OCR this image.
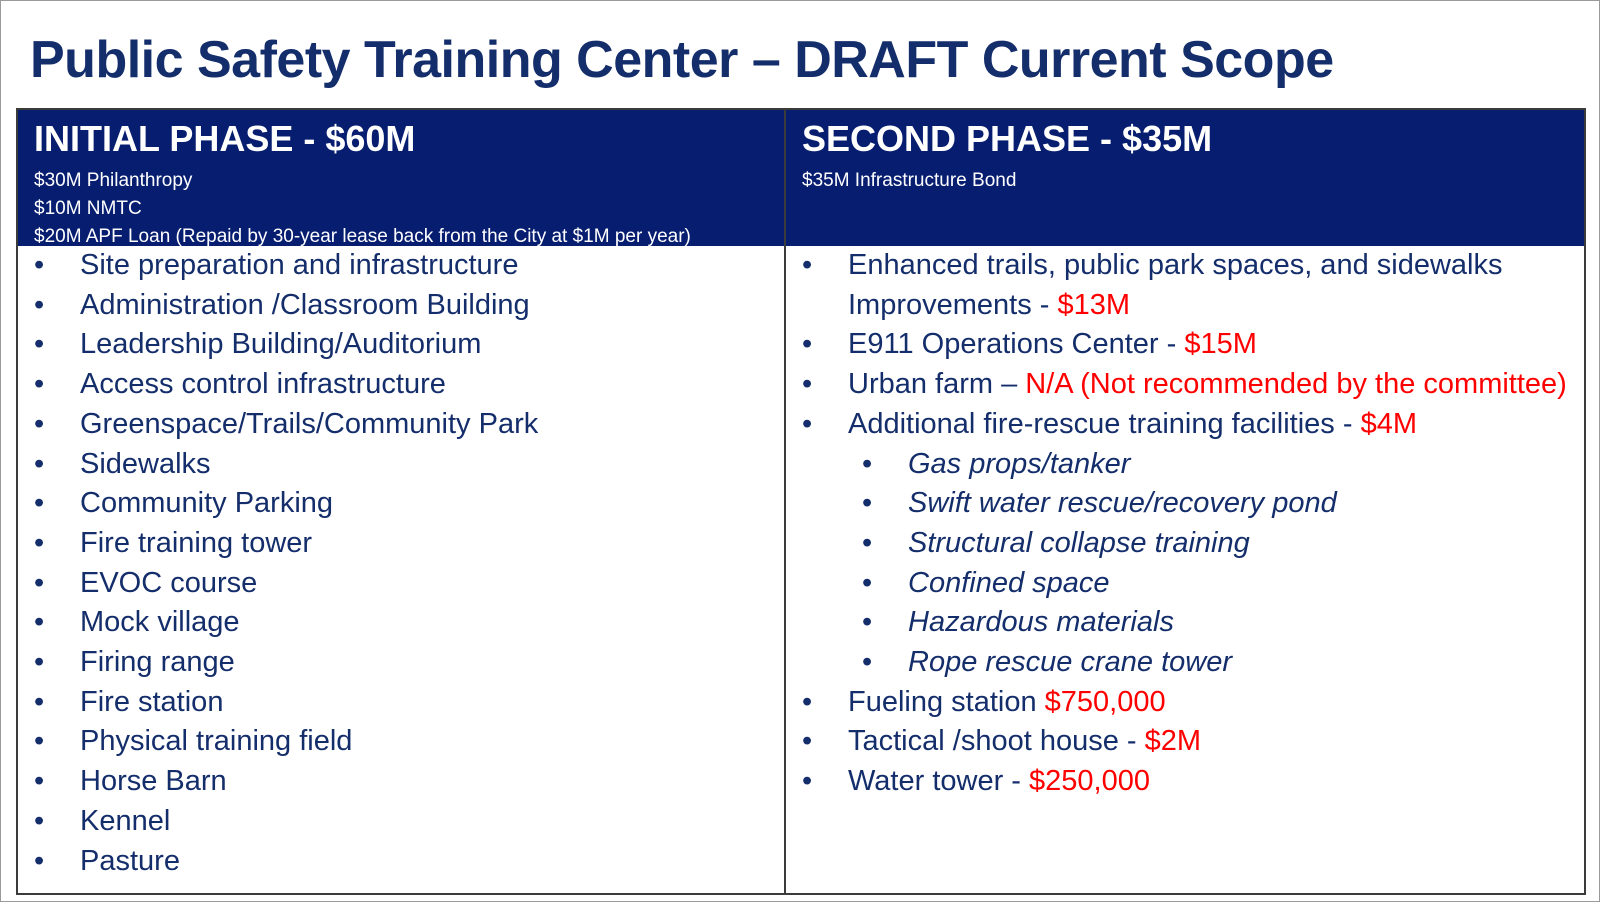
Public Safety Training Center – DRAFT Current Scope
INITIAL PHASE - $60M
$30M Philanthropy
$10M NMTC
$20M APF Loan (Repaid by 30-year lease back from the City at $1M per year)
• Site preparation and infrastructure
• Administration /Classroom Building
• Leadership Building/Auditorium
• Access control infrastructure
• Greenspace/Trails/Community Park
• Sidewalks
• Community Parking
• Fire training tower
• EVOC course
• Mock village
• Firing range
• Fire station
• Physical training field
• Horse Barn
• Kennel
• Pasture
SECOND PHASE - $35M
$35M Infrastructure Bond
• Enhanced trails, public park spaces, and sidewalks Improvements - $13M
• E911 Operations Center - $15M
• Urban farm – N/A (Not recommended by the committee)
• Additional fire-rescue training facilities - $4M
• Gas props/tanker
• Swift water rescue/recovery pond
• Structural collapse training
• Confined space
• Hazardous materials
• Rope rescue crane tower
• Fueling station $750,000
• Tactical /shoot house - $2M
• Water tower - $250,000
